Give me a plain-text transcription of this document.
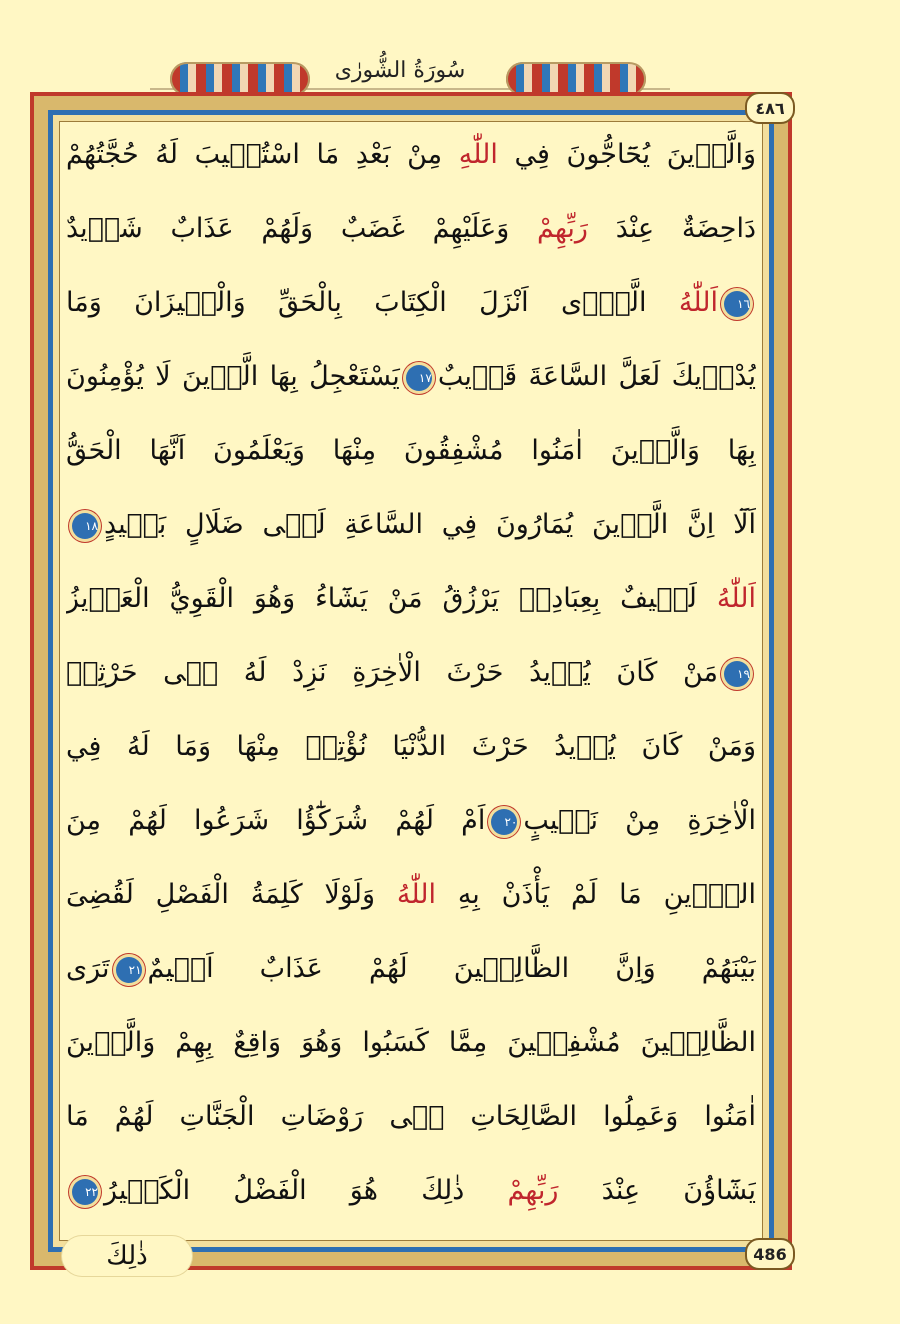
سُورَةُ الشُّورٰى
٤٨٦
486
وَالَّذٖينَ يُحَٓاجُّونَ فِي اللّٰهِ مِنْ بَعْدِ مَا اسْتُجٖيبَ لَهُ حُجَّتُهُمْ
دَاحِضَةٌ عِنْدَ رَبِّهِمْ وَعَلَيْهِمْ غَضَبٌ وَلَهُمْ عَذَابٌ شَدٖيدٌ
١٦اَللّٰهُ الَّذٖٓى اَنْزَلَ الْكِتَابَ بِالْحَقِّ وَالْمٖيزَانَ وَمَا
يُدْرٖيكَ لَعَلَّ السَّاعَةَ قَرٖيبٌ١٧يَسْتَعْجِلُ بِهَا الَّذٖينَ لَا يُؤْمِنُونَ
بِهَا وَالَّذٖينَ اٰمَنُوا مُشْفِقُونَ مِنْهَا وَيَعْلَمُونَ اَنَّهَا الْحَقُّ
اَلَٓا اِنَّ الَّذٖينَ يُمَارُونَ فِي السَّاعَةِ لَفٖى ضَلَالٍ بَعٖيدٍ١٨
اَللّٰهُ لَطٖيفٌ بِعِبَادِهٖ يَرْزُقُ مَنْ يَشَٓاءُ وَهُوَ الْقَوِيُّ الْعَزٖيزُ
١٩مَنْ كَانَ يُرٖيدُ حَرْثَ الْاٰخِرَةِ نَزِدْ لَهُ فٖى حَرْثِهٖ
وَمَنْ كَانَ يُرٖيدُ حَرْثَ الدُّنْيَا نُؤْتِهٖ مِنْهَا وَمَا لَهُ فِي
الْاٰخِرَةِ مِنْ نَصٖيبٍ٢٠اَمْ لَهُمْ شُرَكَٰٓؤُا شَرَعُوا لَهُمْ مِنَ
الدّٖينِ مَا لَمْ يَأْذَنْ بِهِ اللّٰهُ وَلَوْلَا كَلِمَةُ الْفَصْلِ لَقُضِىَ
بَيْنَهُمْ وَاِنَّ الظَّالِمٖينَ لَهُمْ عَذَابٌ اَلٖيمٌ٢١تَرَى
الظَّالِمٖينَ مُشْفِقٖينَ مِمَّا كَسَبُوا وَهُوَ وَاقِعٌ بِهِمْ وَالَّذٖينَ
اٰمَنُوا وَعَمِلُوا الصَّالِحَاتِ فٖى رَوْضَاتِ الْجَنَّاتِ لَهُمْ مَا
يَشَٓاؤُنَ عِنْدَ رَبِّهِمْ ذٰلِكَ هُوَ الْفَضْلُ الْكَبٖيرُ٢٢
ذٰلِكَ
